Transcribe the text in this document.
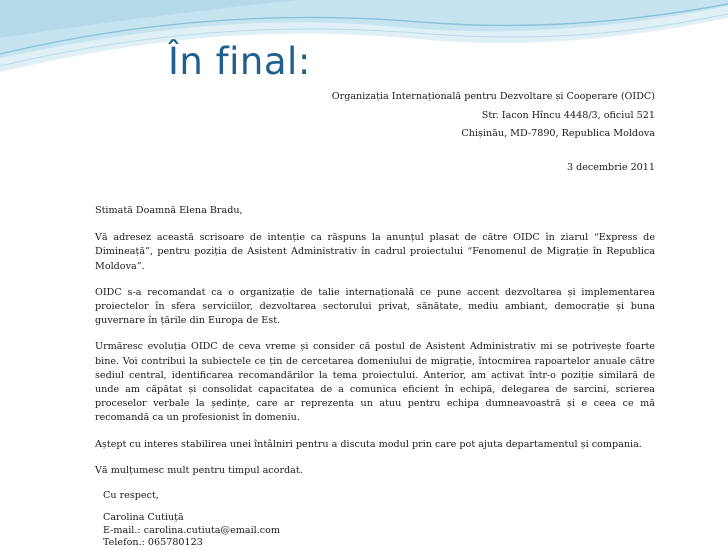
În final:
Organizația Internațională pentru Dezvoltare și Cooperare (OIDC)
Str. Iacon Hîncu 4448/3, oficiul 521
Chișinău, MD-7890, Republica Moldova
3 decembrie 2011

Stimată Doamnă Elena Bradu,

Vă adresez această scrisoare de intenție ca răspuns la anunțul plasat de către OIDC în ziarul “Express de Dimineață”, pentru poziția de Asistent Administrativ în cadrul proiectului “Fenomenul de Migrație în Republica Moldova”.

OIDC s-a recomandat ca o organizație de talie internațională ce pune accent dezvoltarea și implementarea proiectelor în sfera serviciilor, dezvoltarea sectorului privat, sănătate, mediu ambiant, democrație și buna guvernare în țările din Europa de Est.

Urmăresc evoluția OIDC de ceva vreme și consider că postul de Asistent Administrativ mi se potrivește foarte bine. Voi contribui la subiectele ce țin de cercetarea domeniului de migrație, întocmirea rapoartelor anuale către sediul central, identificarea recomandărilor la tema proiectului. Anterior, am activat într-o poziție similară de unde am căpătat și consolidat capacitatea de a comunica eficient în echipă, delegarea de sarcini, scrierea proceselor verbale la ședințe, care ar reprezenta un atuu pentru echipa dumneavoastră și e ceea ce mă recomandă ca un profesionist în domeniu.

Aștept cu interes stabilirea unei întâlniri pentru a discuta modul prin care pot ajuta departamentul și compania.

Vă mulțumesc mult pentru timpul acordat.

Cu respect,
Carolina Cutiuță
E-mail.: carolina.cutiuta@email.com
Telefon.: 065780123
